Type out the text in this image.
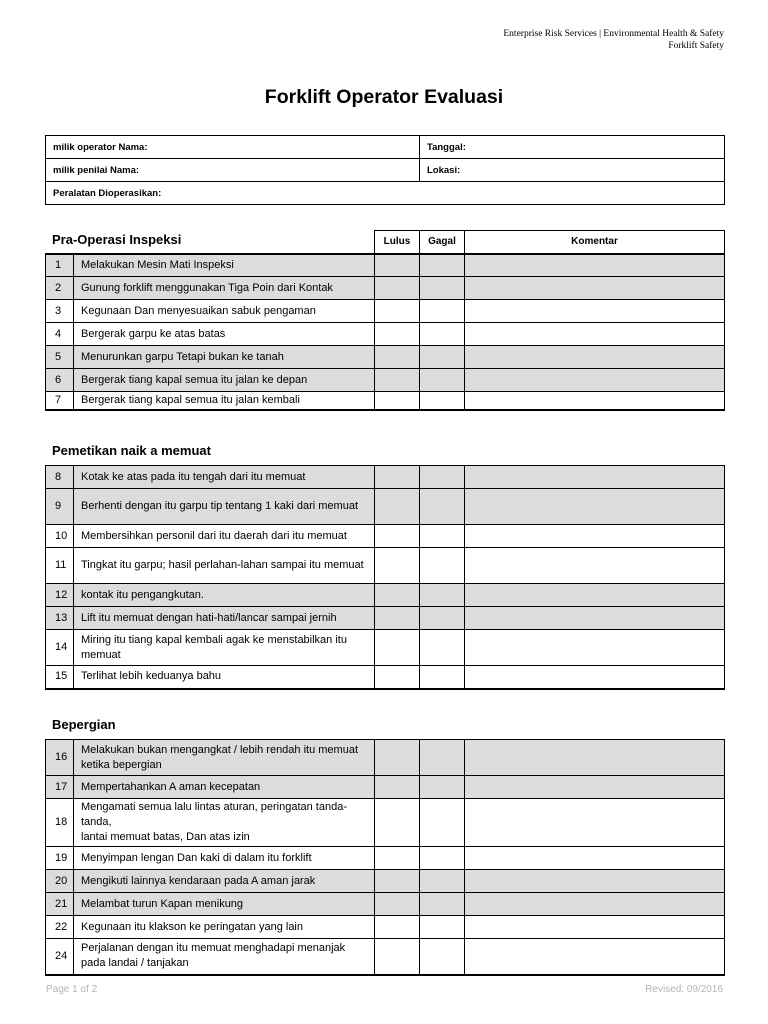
Enterprise Risk Services | Environmental Health & Safety
Forklift Safety
Forklift Operator Evaluasi
milik operator Nama:	Tanggal:
milik penilai Nama:	Lokasi:
Peralatan Dioperasikan:	
Pra-Operasi Inspeksi
		Lulus	Gagal	Komentar
1	Melakukan Mesin Mati Inspeksi			
2	Gunung forklift menggunakan Tiga Poin dari Kontak			
3	Kegunaan Dan menyesuaikan sabuk pengaman			
4	Bergerak garpu ke atas batas			
5	Menurunkan garpu Tetapi bukan ke tanah			
6	Bergerak tiang kapal semua itu jalan ke depan			
7	Bergerak tiang kapal semua itu jalan kembali			
Pemetikan naik a memuat
8	Kotak ke atas pada itu tengah dari itu memuat			
9	Berhenti dengan itu garpu tip tentang 1 kaki dari memuat			
10	Membersihkan personil dari itu daerah dari itu memuat			
11	Tingkat itu garpu; hasil perlahan-lahan sampai itu memuat			
12	kontak itu pengangkutan.			
13	Lift itu memuat dengan hati-hati/lancar sampai jernih			
14	Miring itu tiang kapal kembali agak ke menstabilkan itu memuat			
15	Terlihat lebih keduanya bahu			
Bepergian
16	Melakukan bukan mengangkat / lebih rendah itu memuat ketika bepergian			
17	Mempertahankan A aman kecepatan			
18	Mengamati semua lalu lintas aturan, peringatan tanda-tanda,
lantai memuat batas, Dan atas izin			
19	Menyimpan lengan Dan kaki di dalam itu forklift			
20	Mengikuti lainnya kendaraan pada A aman jarak			
21	Melambat turun Kapan menikung			
22	Kegunaan itu klakson ke peringatan yang lain			
24	Perjalanan dengan itu memuat menghadapi menanjak pada landai / tanjakan			
Page 1 of 2	Revised: 09/2016
